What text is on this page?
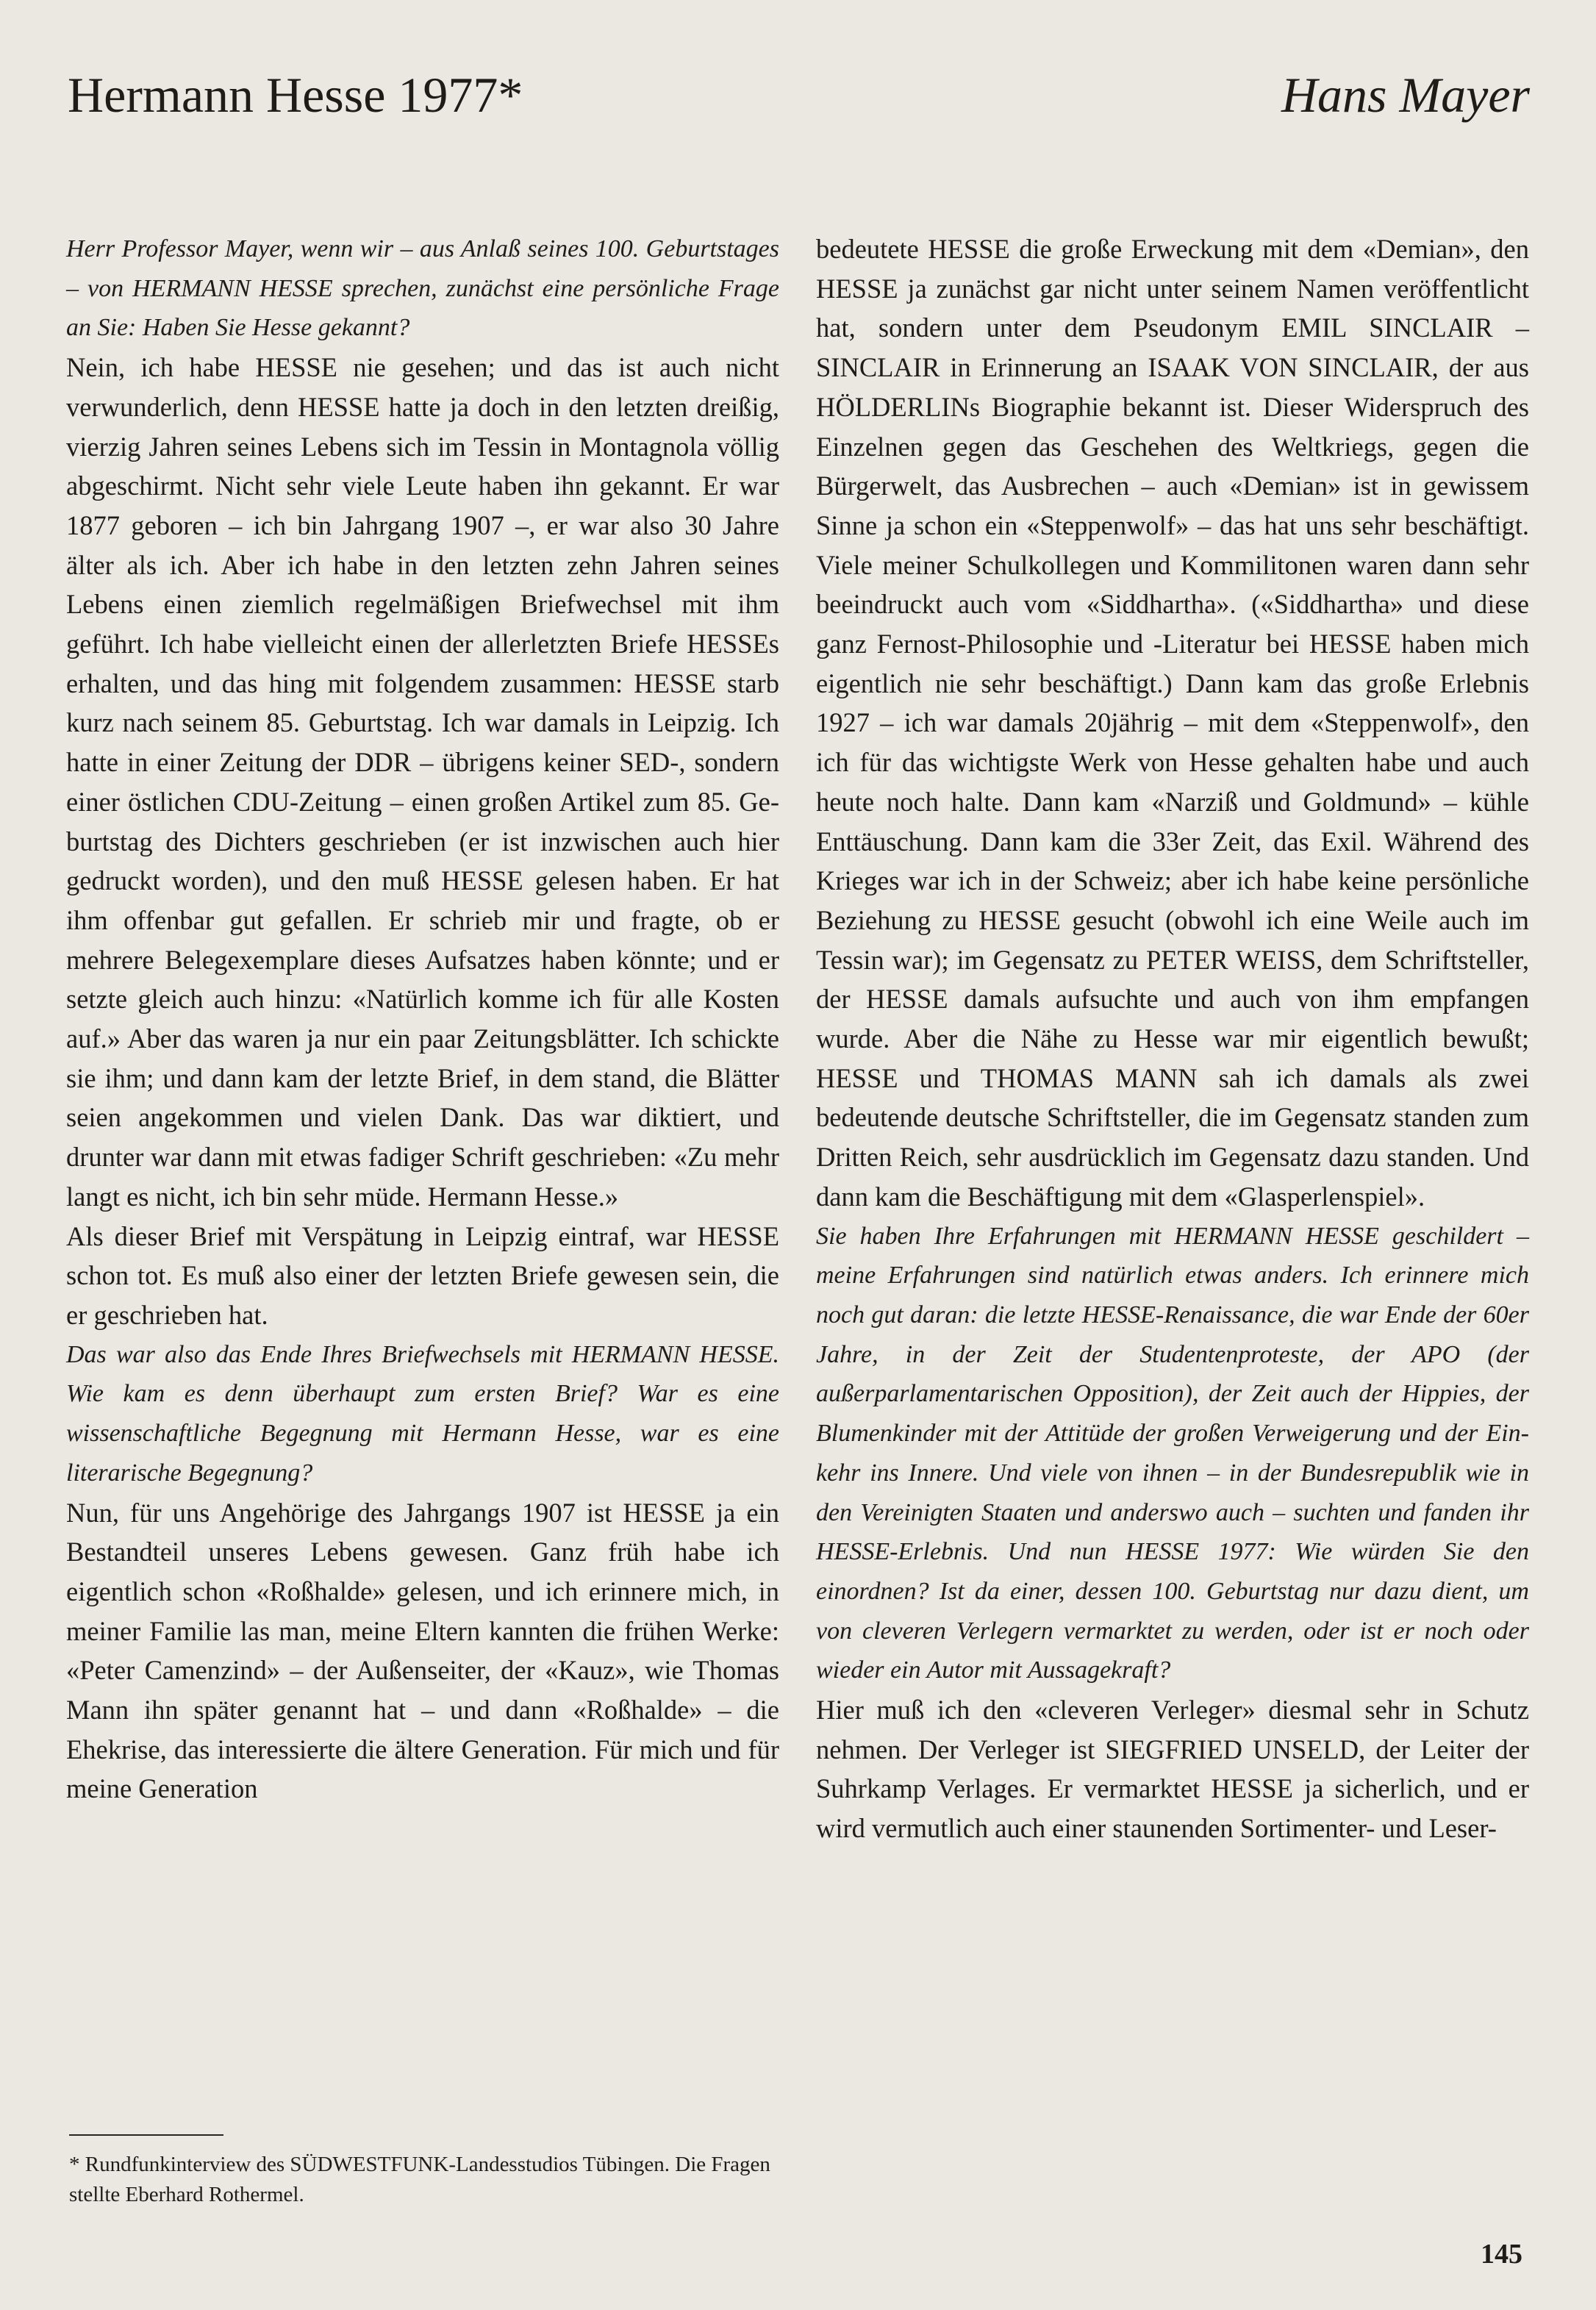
Hermann Hesse 1977*	Hans Mayer

Herr Professor Mayer, wenn wir – aus Anlaß seines 100. Geburtstages – von HERMANN HESSE sprechen, zunächst eine persönliche Frage an Sie: Haben Sie Hesse gekannt?

Nein, ich habe HESSE nie gesehen; und das ist auch nicht verwunderlich, denn HESSE hatte ja doch in den letzten dreißig, vierzig Jahren seines Lebens sich im Tessin in Montagnola völlig abgeschirmt. Nicht sehr viele Leute haben ihn gekannt. Er war 1877 geboren – ich bin Jahrgang 1907 –, er war also 30 Jahre älter als ich. Aber ich habe in den letzten zehn Jahren seines Lebens einen ziemlich regelmäßigen Briefwechsel mit ihm geführt. Ich habe vielleicht einen der allerletzten Briefe HESSEs erhalten, und das hing mit folgendem zusammen: HESSE starb kurz nach seinem 85. Geburtstag. Ich war damals in Leipzig. Ich hatte in einer Zeitung der DDR – übrigens keiner SED-, sondern einer östlichen CDU-Zeitung – einen großen Artikel zum 85. Geburtstag des Dichters geschrieben (er ist inzwischen auch hier gedruckt worden), und den muß HESSE gelesen haben. Er hat ihm offenbar gut gefallen. Er schrieb mir und fragte, ob er mehrere Belegexemplare dieses Aufsatzes haben könnte; und er setzte gleich auch hinzu: «Natürlich komme ich für alle Kosten auf.» Aber das waren ja nur ein paar Zeitungsblätter. Ich schickte sie ihm; und dann kam der letzte Brief, in dem stand, die Blätter seien angekommen und vielen Dank. Das war diktiert, und drunter war dann mit etwas fadiger Schrift geschrieben: «Zu mehr langt es nicht, ich bin sehr müde. Hermann Hesse.»

Als dieser Brief mit Verspätung in Leipzig eintraf, war HESSE schon tot. Es muß also einer der letzten Briefe gewesen sein, die er geschrieben hat.

Das war also das Ende Ihres Briefwechsels mit HERMANN HESSE. Wie kam es denn überhaupt zum ersten Brief? War es eine wissenschaftliche Begegnung mit Hermann Hesse, war es eine literarische Begegnung?

Nun, für uns Angehörige des Jahrgangs 1907 ist HESSE ja ein Bestandteil unseres Lebens gewesen. Ganz früh habe ich eigentlich schon «Roßhalde» gelesen, und ich erinnere mich, in meiner Familie las man, meine Eltern kannten die frühen Werke: «Peter Camenzind» – der Außenseiter, der «Kauz», wie Thomas Mann ihn später genannt hat – und dann «Roßhalde» – die Ehekrise, das interessierte die ältere Generation. Für mich und für meine Generation

bedeutete HESSE die große Erweckung mit dem «Demian», den HESSE ja zunächst gar nicht unter seinem Namen veröffentlicht hat, sondern unter dem Pseudonym EMIL SINCLAIR – SINCLAIR in Erinnerung an ISAAK VON SINCLAIR, der aus HÖLDERLINs Biographie bekannt ist. Dieser Widerspruch des Einzelnen gegen das Geschehen des Weltkriegs, gegen die Bürgerwelt, das Ausbrechen – auch «Demian» ist in gewissem Sinne ja schon ein «Steppenwolf» – das hat uns sehr beschäftigt. Viele meiner Schulkollegen und Kommilitonen waren dann sehr beeindruckt auch vom «Siddhartha». («Siddhartha» und diese ganz Fernost-Philosophie und -Literatur bei HESSE haben mich eigentlich nie sehr beschäftigt.) Dann kam das große Erlebnis 1927 – ich war damals 20jährig – mit dem «Steppenwolf», den ich für das wichtigste Werk von Hesse gehalten habe und auch heute noch halte. Dann kam «Narziß und Goldmund» – kühle Enttäuschung. Dann kam die 33er Zeit, das Exil. Während des Krieges war ich in der Schweiz; aber ich habe keine persönliche Beziehung zu HESSE gesucht (obwohl ich eine Weile auch im Tessin war); im Gegensatz zu PETER WEISS, dem Schriftsteller, der HESSE damals aufsuchte und auch von ihm empfangen wurde. Aber die Nähe zu Hesse war mir eigentlich bewußt; HESSE und THOMAS MANN sah ich damals als zwei bedeutende deutsche Schriftsteller, die im Gegensatz standen zum Dritten Reich, sehr ausdrücklich im Gegensatz dazu standen. Und dann kam die Beschäftigung mit dem «Glasperlenspiel».

Sie haben Ihre Erfahrungen mit HERMANN HESSE geschildert – meine Erfahrungen sind natürlich etwas anders. Ich erinnere mich noch gut daran: die letzte HESSE-Renaissance, die war Ende der 60er Jahre, in der Zeit der Studentenproteste, der APO (der außerparlamentarischen Opposition), der Zeit auch der Hippies, der Blumenkinder mit der Attitüde der großen Verweigerung und der Einkehr ins Innere. Und viele von ihnen – in der Bundesrepublik wie in den Vereinigten Staaten und anderswo auch – suchten und fanden ihr HESSE-Erlebnis. Und nun HESSE 1977: Wie würden Sie den einordnen? Ist da einer, dessen 100. Geburtstag nur dazu dient, um von cleveren Verlegern vermarktet zu werden, oder ist er noch oder wieder ein Autor mit Aussagekraft?

Hier muß ich den «cleveren Verleger» diesmal sehr in Schutz nehmen. Der Verleger ist SIEGFRIED UNSELD, der Leiter der Suhrkamp Verlages. Er vermarktet HESSE ja sicherlich, und er wird vermutlich auch einer staunenden Sortimenter- und Leser-

* Rundfunkinterview des SÜDWESTFUNK-Landesstudios Tübingen. Die Fragen stellte Eberhard Rothermel.

145
